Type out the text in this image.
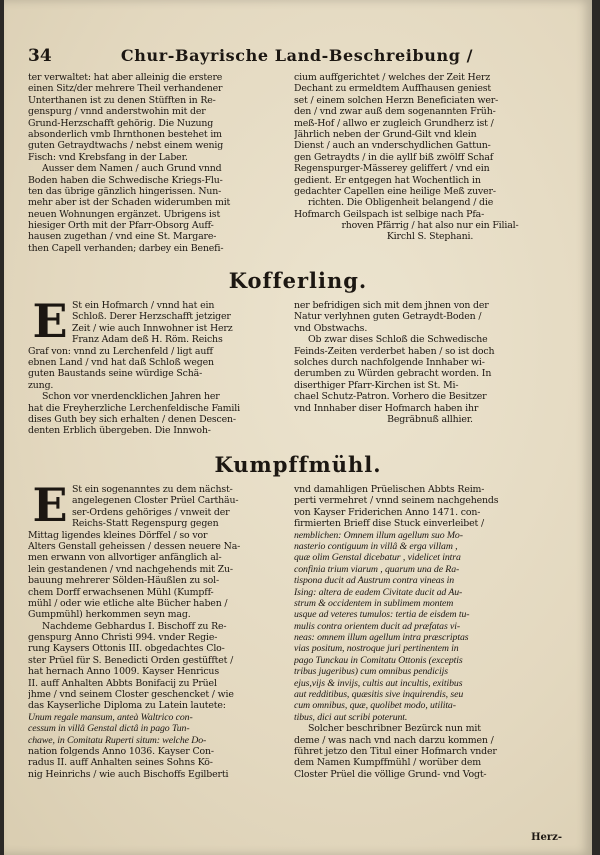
34	Chur-Bayrische Land-Beschreibung /
ter verwaltet: hat aber alleinig die erstere
einen Sitz/der mehrere Theil verhandener
Unterthanen ist zu denen Stüfften in Re-
genspurg / vnnd anderstwohin mit der
Grund-Herzschafft gehörig. Die Nuzung
absonderlich vmb Ihrnthonen bestehet im
guten Getraydtwachs / nebst einem wenig
Fisch: vnd Krebsfang in der Laber.
Ausser dem Namen / auch Grund vnnd
Boden haben die Schwedische Kriegs-Flu-
ten das übrige gänzlich hingerissen. Nun-
mehr aber ist der Schaden widerumben mit
neuen Wohnungen ergänzet. Ubrigens ist
hiesiger Orth mit der Pfarr-Obsorg Auff-
hausen zugethan / vnd eine St. Margare-
then Capell verhanden; darbey ein Benefi-
cium auffgerichtet / welches der Zeit Herz
Dechant zu ermeldtem Auffhausen geniest
set / einem solchen Herzn Beneficiaten wer-
den / vnd zwar auß dem sogenannten Früh-
meß-Hof / allwo er zugleich Grundherz ist /
Jährlich neben der Grund-Gilt vnd klein
Dienst / auch an vnderschydlichen Gattun-
gen Getraydts / in die ayllf biß zwölff Schaf
Regenspurger-Mässerey geliffert / vnd ein
gedient. Er entgegen hat Wochentlich in
gedachter Capellen eine heilige Meß zuver-
richten. Die Obligenheit belangend / die
Hofmarch Geilspach ist selbige nach Pfa-
rhoven Pfärrig / hat also nur ein Filial-
Kirchl S. Stephani.
Kofferling.
E St ein Hofmarch / vnnd hat ein
Schloß. Derer Herzschafft jetziger
Zeit / wie auch Innwohner ist Herz
Franz Adam deß H. Röm. Reichs
Graf von: vnnd zu Lerchenfeld / ligt auff
ebnen Land / vnd hat daß Schloß wegen
guten Baustands seine würdige Schä-
zung.
Schon vor vnerdencklichen Jahren her
hat die Freyherzliche Lerchenfeldische Famili
dises Guth bey sich erhalten / denen Descen-
denten Erblich übergeben. Die Innwoh-
ner befridigen sich mit dem jhnen von der
Natur verlyhnen guten Getraydt-Boden /
vnd Obstwachs.
Ob zwar dises Schloß die Schwedische
Feinds-Zeiten verderbet haben / so ist doch
solches durch nachfolgende Innhaber wi-
derumben zu Würden gebracht worden. In
diserthiger Pfarr-Kirchen ist St. Mi-
chael Schutz-Patron. Vorhero die Besitzer
vnd Innhaber diser Hofmarch haben ihr
Begräbnuß allhier.
Kumpffmühl.
E St ein sogenanntes zu dem nächst-
angelegenen Closter Prüel Carthäu-
ser-Ordens gehöriges / vnweit der
Reichs-Statt Regenspurg gegen
Mittag ligendes kleines Dörffel / so vor
Alters Genstall geheissen / dessen neuere Na-
men erwann von allvortiger anfänglich al-
lein gestandenen / vnd nachgehends mit Zu-
bauung mehrerer Sölden-Häußlen zu sol-
chem Dorff erwachsenen Mühl (Kumpff-
mühl / oder wie etliche alte Bücher haben /
Gumpmühl) herkommen seyn mag.
Nachdeme Gebhardus I. Bischoff zu Re-
genspurg Anno Christi 994. vnder Regie-
rung Kaysers Ottonis III. obgedachtes Clo-
ster Prüel für S. Benedicti Orden gestüfftet /
hat hernach Anno 1009. Kayser Henricus
II. auff Anhalten Abbts Bonifacij zu Prüel
jhme / vnd seinem Closter geschencket / wie
das Kayserliche Diploma zu Latein lautete:
Unum regale mansum, anteà Waltrico con-
cessum in villâ Genstal dictâ in pago Tun-
chawe, in Comitatu Ruperti situm: welche Do-
nation folgends Anno 1036. Kayser Con-
radus II. auff Anhalten seines Sohns Kö-
nig Heinrichs / wie auch Bischoffs Egilberti
vnd damahligen Prüelischen Abbts Reim-
perti vermehret / vnnd seinem nachgehends
von Kayser Friderichen Anno 1471. con-
firmierten Brieff dise Stuck einverleibet /
nemblichen: Omnem illum agellum suo Mo-
nasterio contiguum in villâ & erga villam ,
quæ olim Genstal dicebatur , videlicet intra
confinia trium viarum , quarum una de Ra-
tispona ducit ad Austrum contra vineas in
Ising: altera de eadem Civitate ducit ad Au-
strum & occidentem in sublimem montem
usque ad veteres tumulos: tertia de eisdem tu-
mulis contra orientem ducit ad præfatas vi-
neas: omnem illum agellum intra præscriptas
vias positum, nostroque juri pertinentem in
pago Tunckau in Comitatu Ottonis (exceptis
tribus jugeribus) cum omnibus pendicijs
ejus,vijs & invijs, cultis aut incultis, exitibus
aut redditibus, quæsitis sive inquirendis, seu
cum omnibus, quæ, quolibet modo, utilita-
tibus, dici aut scribi poterunt.
Solcher beschribner Bezürck nun mit
deme / was nach vnd nach darzu kommen /
führet jetzo den Titul einer Hofmarch vnder
dem Namen Kumpffmühl / worüber dem
Closter Prüel die völlige Grund- vnd Vogt-
Herz-
